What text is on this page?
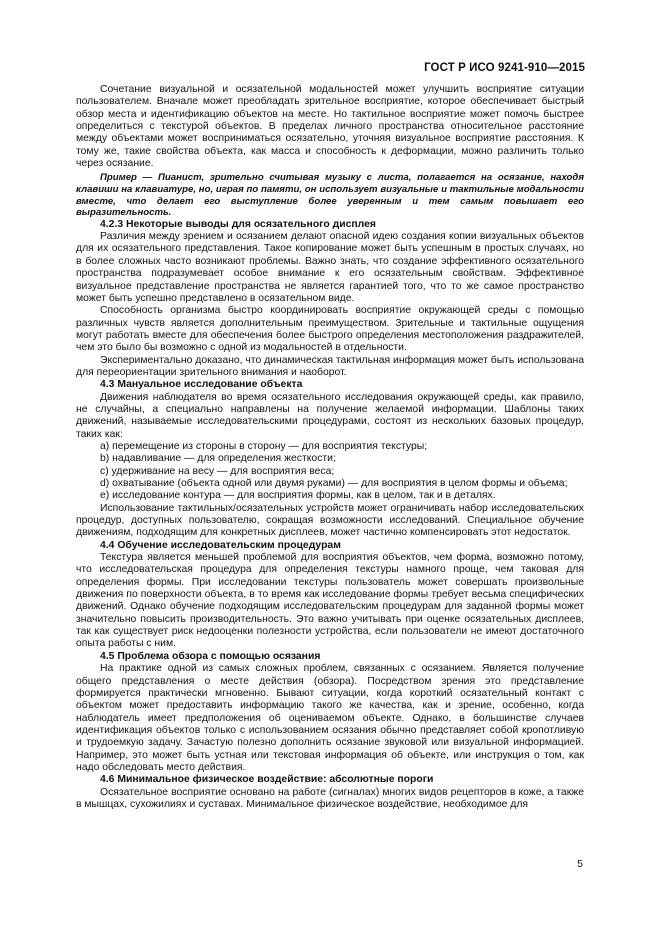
ГОСТ Р ИСО 9241-910—2015

Сочетание визуальной и осязательной модальностей может улучшить восприятие ситуации пользователем. Вначале может преобладать зрительное восприятие, которое обеспечивает быстрый обзор места и идентификацию объектов на месте. Но тактильное восприятие может помочь быстрее определиться с текстурой объектов. В пределах личного пространства относительное расстояние между объектами может восприниматься осязательно, уточняя визуальное восприятие расстояния. К тому же, такие свойства объекта, как масса и способность к деформации, можно различить только через осязание.

Пример — Пианист, зрительно считывая музыку с листа, полагается на осязание, находя клавиши на клавиатуре, но, играя по памяти, он использует визуальные и тактильные модальности вместе, что делает его выступление более уверенным и тем самым повышает его выразительность.

4.2.3 Некоторые выводы для осязательного дисплея

Различия между зрением и осязанием делают опасной идею создания копии визуальных объектов для их осязательного представления. Такое копирование может быть успешным в простых случаях, но в более сложных часто возникают проблемы. Важно знать, что создание эффективного осязательного пространства подразумевает особое внимание к его осязательным свойствам. Эффективное визуальное представление пространства не является гарантией того, что то же самое пространство может быть успешно представлено в осязательном виде.

Способность организма быстро координировать восприятие окружающей среды с помощью различных чувств является дополнительным преимуществом. Зрительные и тактильные ощущения могут работать вместе для обеспечения более быстрого определения местоположения раздражителей, чем это было бы возможно с одной из модальностей в отдельности.

Экспериментально доказано, что динамическая тактильная информация может быть использована для переориентации зрительного внимания и наоборот.

4.3 Мануальное исследование объекта

Движения наблюдателя во время осязательного исследования окружающей среды, как правило, не случайны, а специально направлены на получение желаемой информации. Шаблоны таких движений, называемые исследовательскими процедурами, состоят из нескольких базовых процедур, таких как:

a) перемещение из стороны в сторону — для восприятия текстуры;

b) надавливание — для определения жесткости;

c) удерживание на весу — для восприятия веса;

d) охватывание (объекта одной или двумя руками) — для восприятия в целом формы и объема;

e) исследование контура — для восприятия формы, как в целом, так и в деталях.

Использование тактильных/осязательных устройств может ограничивать набор исследовательских процедур, доступных пользователю, сокращая возможности исследований. Специальное обучение движениям, подходящим для конкретных дисплеев, может частично компенсировать этот недостаток.

4.4 Обучение исследовательским процедурам

Текстура является меньшей проблемой для восприятия объектов, чем форма, возможно потому, что исследовательская процедура для определения текстуры намного проще, чем таковая для определения формы. При исследовании текстуры пользователь может совершать произвольные движения по поверхности объекта, в то время как исследование формы требует весьма специфических движений. Однако обучение подходящим исследовательским процедурам для заданной формы может значительно повысить производительность. Это важно учитывать при оценке осязательных дисплеев, так как существует риск недооценки полезности устройства, если пользователи не имеют достаточного опыта работы с ним.

4.5 Проблема обзора с помощью осязания

На практике одной из самых сложных проблем, связанных с осязанием. Является получение общего представления о месте действия (обзора). Посредством зрения это представление формируется практически мгновенно. Бывают ситуации, когда короткий осязательный контакт с объектом может предоставить информацию такого же качества, как и зрение, особенно, когда наблюдатель имеет предположения об оцениваемом объекте. Однако, в большинстве случаев идентификация объектов только с использованием осязания обычно представляет собой кропотливую и трудоемкую задачу. Зачастую полезно дополнить осязание звуковой или визуальной информацией. Например, это может быть устная или текстовая информация об объекте, или инструкция о том, как надо обследовать место действия.

4.6 Минимальное физическое воздействие: абсолютные пороги

Осязательное восприятие основано на работе (сигналах) многих видов рецепторов в коже, а также в мышцах, сухожилиях и суставах. Минимальное физическое воздействие, необходимое для

5
